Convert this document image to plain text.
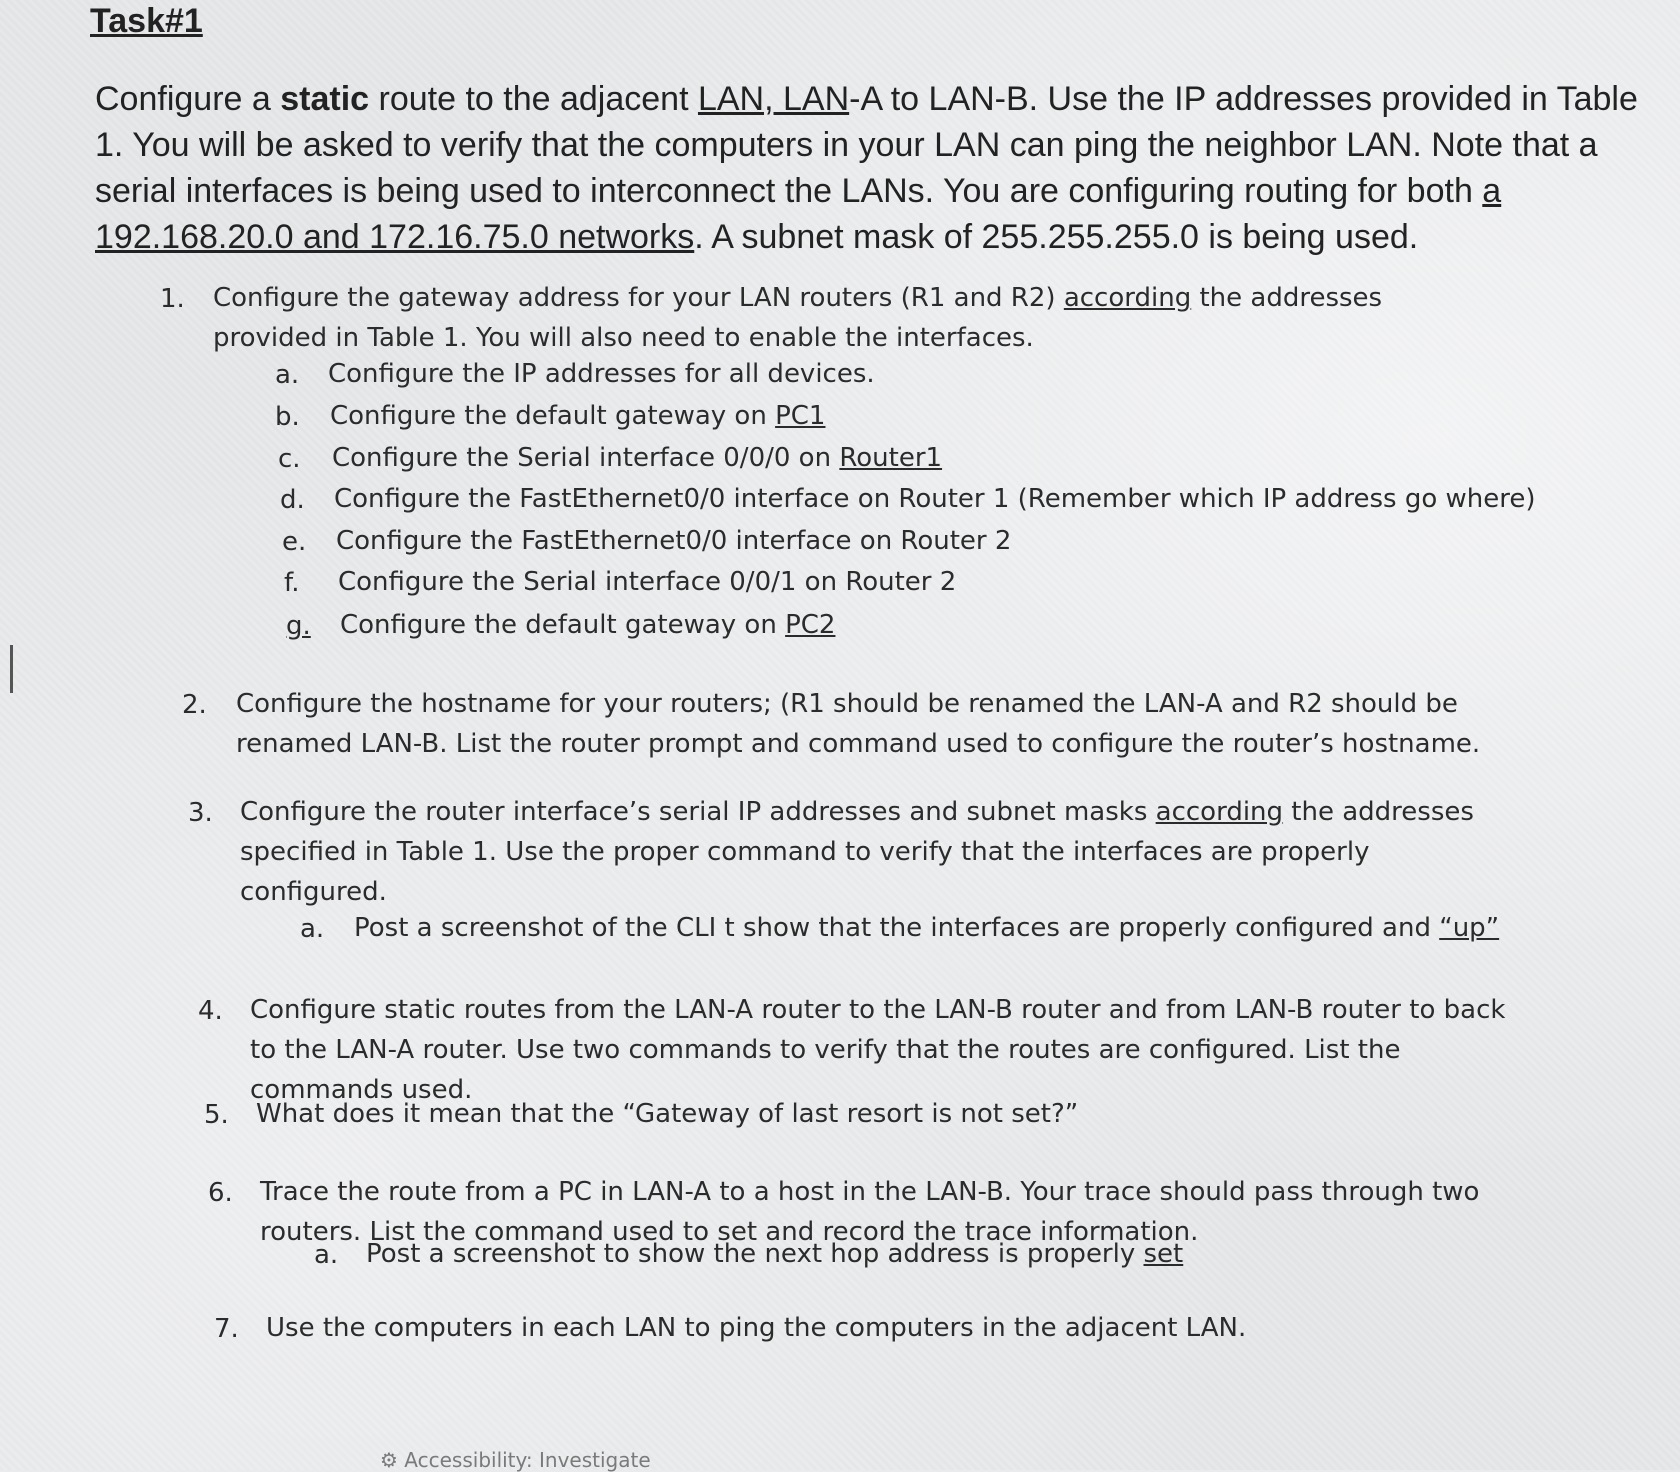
Task#1
Configure a static route to the adjacent LAN, LAN-A to LAN-B. Use the IP addresses provided in Table 1. You will be asked to verify that the computers in your LAN can ping the neighbor LAN. Note that a serial interfaces is being used to interconnect the LANs. You are configuring routing for both a 192.168.20.0 and 172.16.75.0 networks. A subnet mask of 255.255.255.0 is being used.
1. Configure the gateway address for your LAN routers (R1 and R2) according the addresses provided in Table 1. You will also need to enable the interfaces.
a. Configure the IP addresses for all devices.
b. Configure the default gateway on PC1
c. Configure the Serial interface 0/0/0 on Router1
d. Configure the FastEthernet0/0 interface on Router 1 (Remember which IP address go where)
e. Configure the FastEthernet0/0 interface on Router 2
f. Configure the Serial interface 0/0/1 on Router 2
g. Configure the default gateway on PC2
2. Configure the hostname for your routers; (R1 should be renamed the LAN-A and R2 should be renamed LAN-B. List the router prompt and command used to configure the router’s hostname.
3. Configure the router interface’s serial IP addresses and subnet masks according the addresses specified in Table 1. Use the proper command to verify that the interfaces are properly configured.
a. Post a screenshot of the CLI t show that the interfaces are properly configured and “up”
4. Configure static routes from the LAN-A router to the LAN-B router and from LAN-B router to back to the LAN-A router. Use two commands to verify that the routes are configured. List the commands used.
5. What does it mean that the “Gateway of last resort is not set?”
6. Trace the route from a PC in LAN-A to a host in the LAN-B. Your trace should pass through two routers. List the command used to set and record the trace information.
a. Post a screenshot to show the next hop address is properly set
7. Use the computers in each LAN to ping the computers in the adjacent LAN.
⚙ Accessibility: Investigate
